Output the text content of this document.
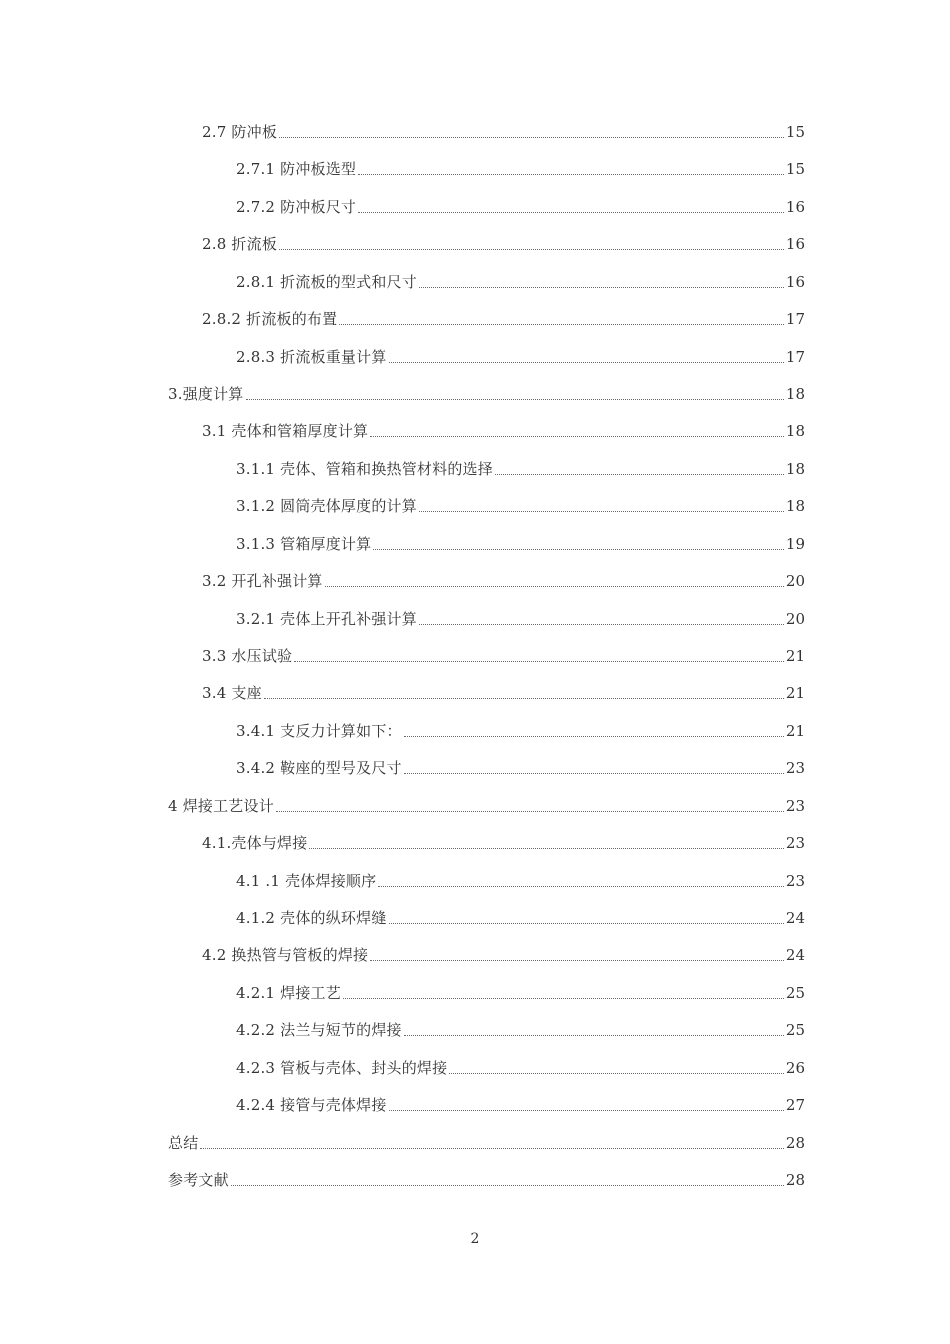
2.7 防冲板	15
2.7.1 防冲板选型	15
2.7.2 防冲板尺寸	16
2.8 折流板	16
2.8.1 折流板的型式和尺寸	16
2.8.2 折流板的布置	17
2.8.3 折流板重量计算	17
3.强度计算	18
3.1 壳体和管箱厚度计算	18
3.1.1 壳体、管箱和换热管材料的选择	18
3.1.2 圆筒壳体厚度的计算	18
3.1.3 管箱厚度计算	19
3.2 开孔补强计算	20
3.2.1 壳体上开孔补强计算	20
3.3 水压试验	21
3.4 支座	21
3.4.1 支反力计算如下：	21
3.4.2 鞍座的型号及尺寸	23
4 焊接工艺设计	23
4.1.壳体与焊接	23
4.1 .1 壳体焊接顺序	23
4.1.2 壳体的纵环焊缝	24
4.2 换热管与管板的焊接	24
4.2.1 焊接工艺	25
4.2.2 法兰与短节的焊接	25
4.2.3 管板与壳体、封头的焊接	26
4.2.4 接管与壳体焊接	27
总结	28
参考文献	28
2
